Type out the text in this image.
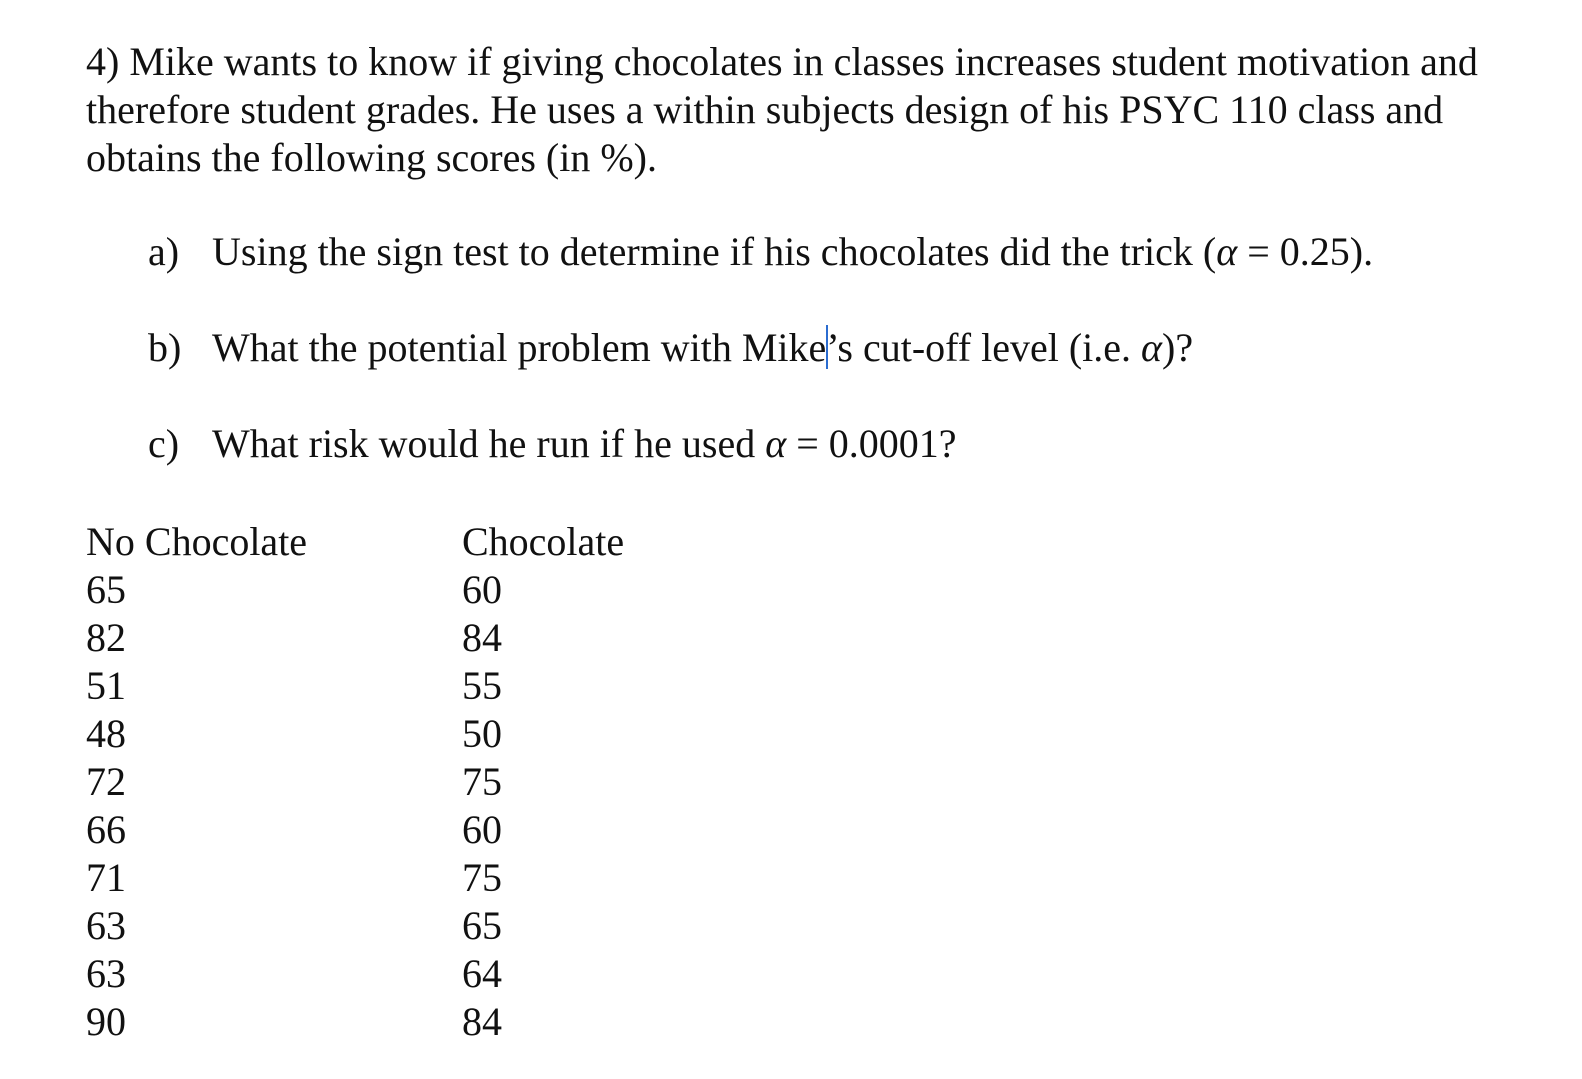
4) Mike wants to know if giving chocolates in classes increases student motivation and therefore student grades. He uses a within subjects design of his PSYC 110 class and obtains the following scores (in %).

a) Using the sign test to determine if his chocolates did the trick (α = 0.25).
b) What the potential problem with Mike’s cut-off level (i.e. α)?
c) What risk would he run if he used α = 0.0001?
No Chocolate	Chocolate
65	60
82	84
51	55
48	50
72	75
66	60
71	75
63	65
63	64
90	84
